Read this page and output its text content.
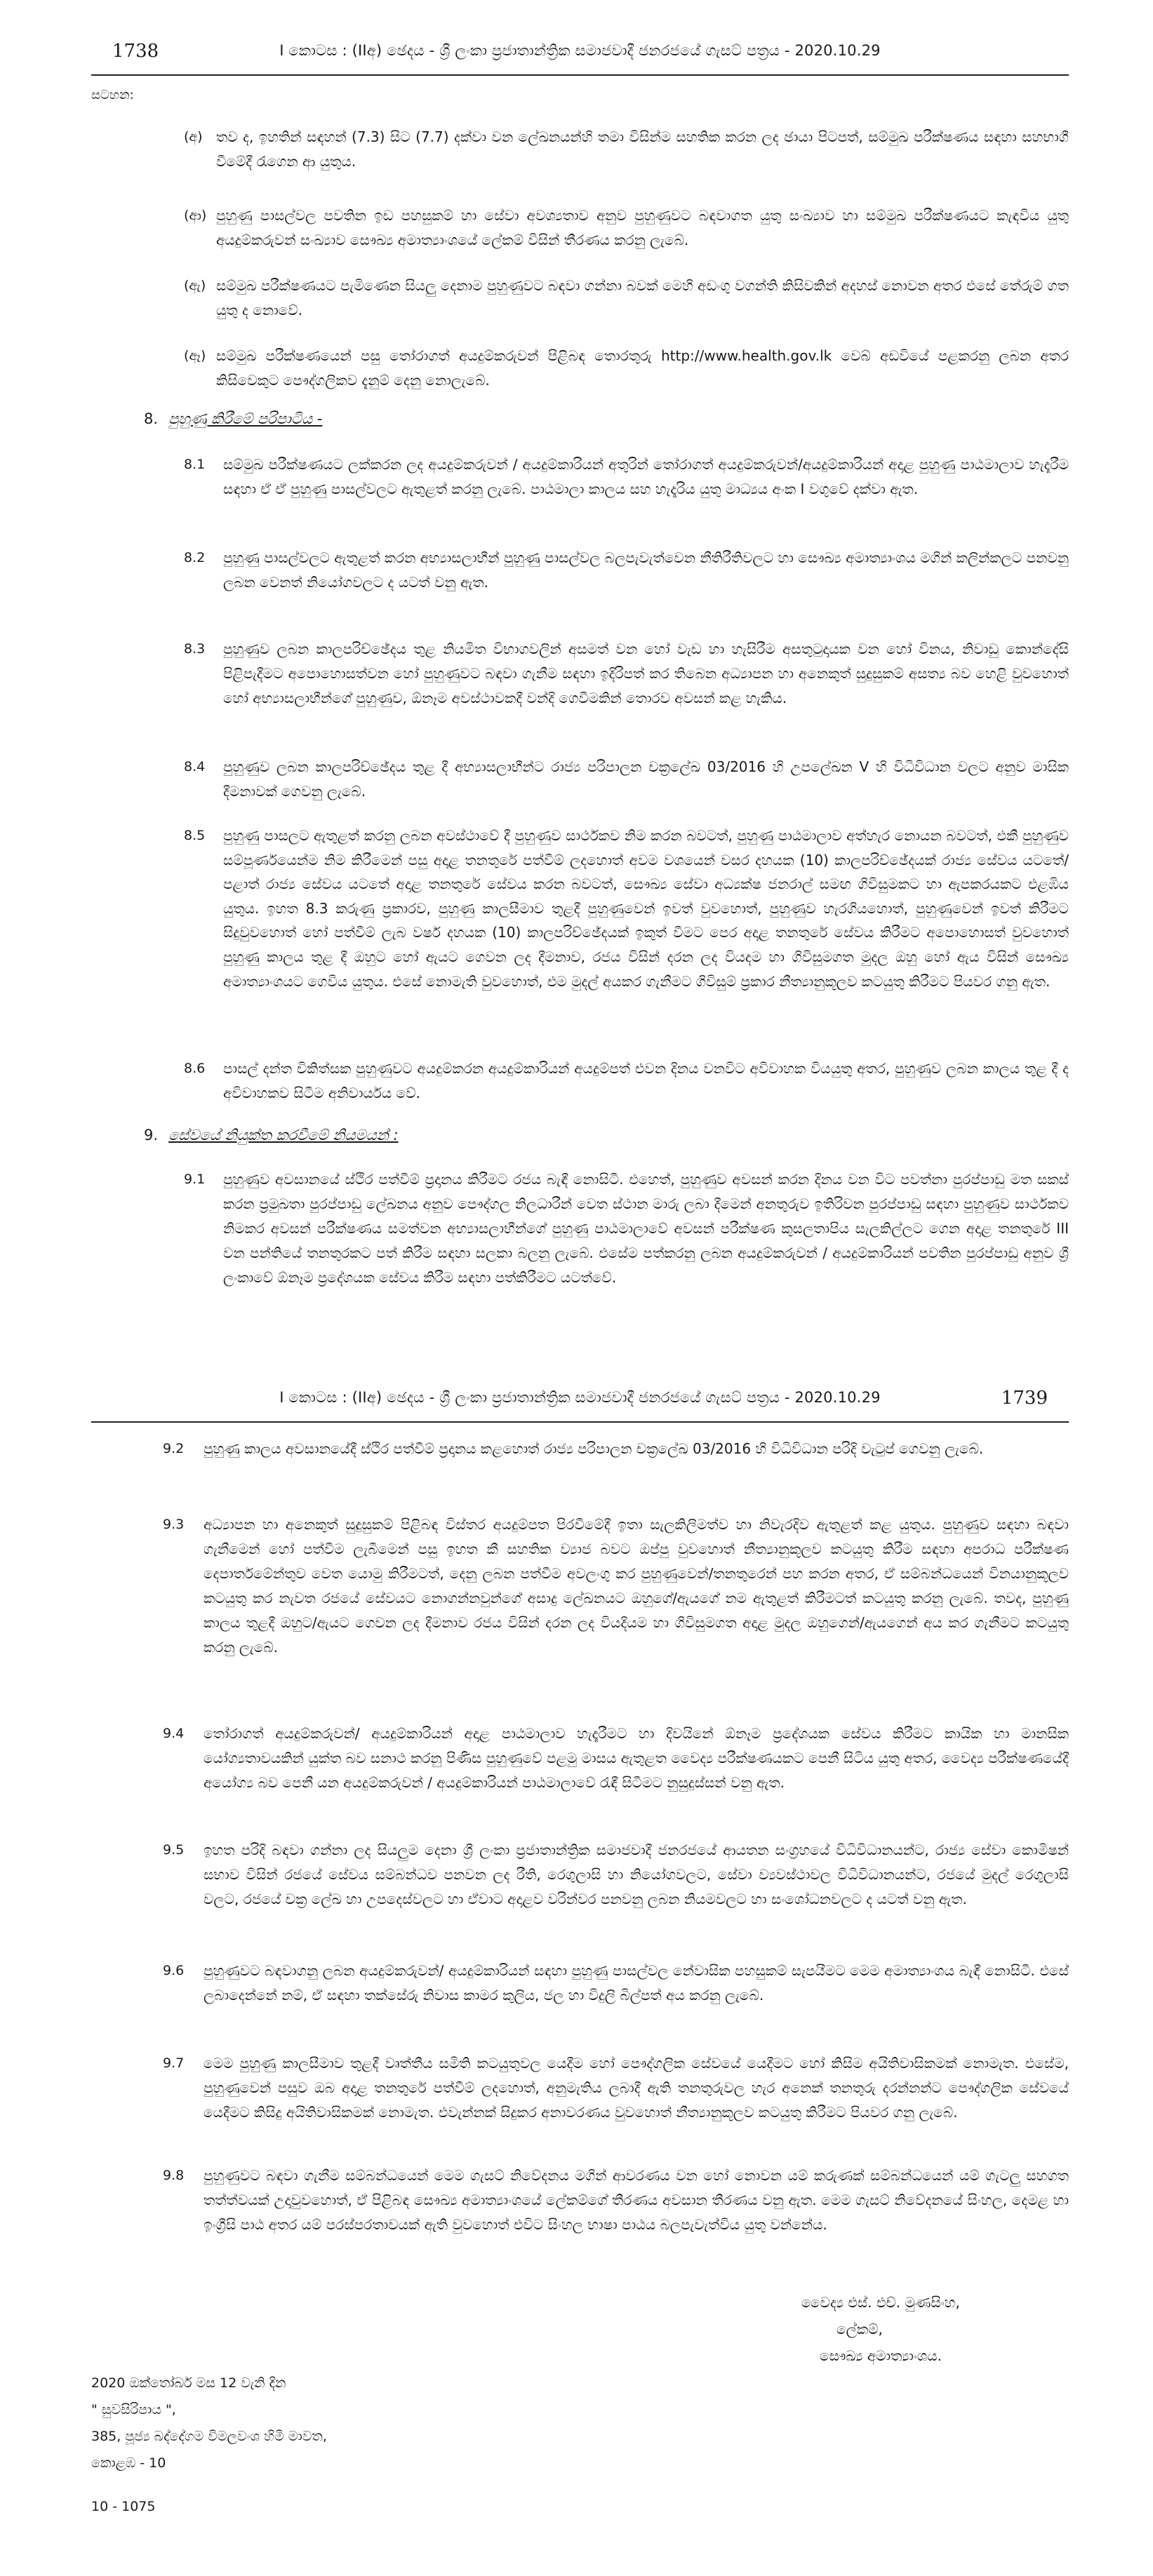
1738	I කොටස : (IIඅ) ඡෙදය - ශ්‍රී ලංකා ප්‍රජාතාන්ත්‍රික සමාජවාදී ජනරජයේ ගැසට් පත්‍රය - 2020.10.29
සටහන:
(අ) තව ද, ඉහතින් සඳහන් (7.3) සිට (7.7) දක්වා වන ලේඛනයන්හි තමා විසින්ම සහතික කරන ලද ඡායා පිටපත්, සම්මුඛ පරීක්ෂණය සඳහා සහභාගී වීමේදී රැගෙන ආ යුතුය.
(ආ) පුහුණු පාසල්වල පවතින ඉඩ පහසුකම් හා සේවා අවශ්‍යතාව අනුව පුහුණුවට බඳවාගත යුතු සංඛ්‍යාව හා සම්මුඛ පරීක්ෂණයට කැඳවිය යුතු අයදුම්කරුවන් සංඛ්‍යාව සෞඛ්‍ය අමාත්‍යාංශයේ ලේකම් විසින් තීරණය කරනු ලැබේ.
(ඇ) සම්මුඛ පරීක්ෂණයට පැමිණෙන සියලු දෙනාම පුහුණුවට බඳවා ගන්නා බවක් මෙහි අඩංගු වගන්ති කිසිවකින් අදහස් නොවන අතර එසේ තේරුම් ගත යුතු ද නොවේ.
(ඈ) සම්මුඛ පරීක්ෂණයෙන් පසු තෝරාගත් අයදුම්කරුවන් පිළිබඳ තොරතුරු http://www.health.gov.lk වෙබ් අඩවියේ පළකරනු ලබන අතර කිසිවෙකුට පෞද්ගලිකව දැනුම් දෙනු නොලැබේ.
8. පුහුණු කිරීමේ පරිපාටිය -
8.1 සම්මුඛ පරීක්ෂණයට ලක්කරන ලද අයදුම්කරුවන් / අයදුම්කාරියන් අතුරින් තෝරාගත් අයදුම්කරුවන්/අයදුම්කාරියන් අදාළ පුහුණු පාඨමාලාව හැදෑරීම සඳහා ඒ ඒ පුහුණු පාසල්වලට ඇතුළත් කරනු ලැබේ. පාඨමාලා කාලය සහ හැදෑරිය යුතු මාධ්‍යය අංක I වගුවේ දක්වා ඇත.
8.2 පුහුණු පාසල්වලට ඇතුළත් කරන අභ්‍යාසලාභීන් පුහුණු පාසල්වල බලපැවැත්වෙන නීතිරීතිවලට හා සෞඛ්‍ය අමාත්‍යාංශය මගින් කලින්කලට පනවනු ලබන වෙනත් නියෝගවලට ද යටත් වනු ඇත.
8.3 පුහුණුව ලබන කාලපරිච්ඡේදය තුළ නියමිත විභාගවලින් අසමත් වන හෝ වැඩ හා හැසිරීම අසතුටුදායක වන හෝ විනය, නිවාඩු කොන්දේසි පිළිපැදීමට අපොහොසත්වන හෝ පුහුණුවට බඳවා ගැනීම සඳහා ඉදිරිපත් කර තිබෙන අධ්‍යාපන හා අනෙකුත් සුදුසුකම් අසත්‍ය බව හෙළි වුවහොත් හෝ අභ්‍යාසලාභීන්ගේ පුහුණුව, ඕනෑම අවස්ථාවකදී වන්දි ගෙවීමකින් තොරව අවසන් කළ හැකිය.
8.4 පුහුණුව ලබන කාලපරිච්ඡේදය තුළ දී අභ්‍යාසලාභීන්ට රාජ්‍ය පරිපාලන චක්‍රලේඛ 03/2016 හි උපලේඛන V හි විධිවිධාන වලට අනුව මාසික දීමනාවක් ගෙවනු ලැබේ.
8.5 පුහුණු පාසලට ඇතුළත් කරනු ලබන අවස්ථාවේ දී පුහුණුව සාර්ථකව නිම කරන බවටත්, පුහුණු පාඨමාලාව අත්හැර නොයන බවටත්, එකී පුහුණුව සම්පූර්ණයෙන්ම නිම කිරීමෙන් පසු අදාළ තනතුරේ පත්වීම් ලදහොත් අවම වශයෙන් වසර දහයක (10) කාලපරිච්ඡේදයක් රාජ්‍ය සේවය යටතේ/පළාත් රාජ්‍ය සේවය යටතේ අදාළ තනතුරේ සේවය කරන බවටත්, සෞඛ්‍ය සේවා අධ්‍යක්ෂ ජනරාල් සමඟ ගිවිසුමකට හා ඇපකරයකට එළඹිය යුතුය. ඉහත 8.3 කරුණු ප්‍රකාරව, පුහුණු කාලසීමාව තුළදී පුහුණුවෙන් ඉවත් වුවහොත්, පුහුණුව හැරගියහොත්, පුහුණුවෙන් ඉවත් කිරීමට සිදුවුවහොත් හෝ පත්වීම් ලැබ වර්ෂ දහයක (10) කාලපරිච්ඡේදයක් ඉකුත් වීමට පෙර අදාළ තනතුරේ සේවය කිරීමට අපොහොසත් වුවහොත් පුහුණු කාලය තුළ දී ඔහුට හෝ ඇයට ගෙවන ලද දීමනාව, රජය විසින් දරන ලද වියදම හා ගිවිසුමගත මුදල ඔහු හෝ ඇය විසින් සෞඛ්‍ය අමාත්‍යාංශයට ගෙවිය යුතුය. එසේ නොමැති වුවහොත්, එම මුදල් අයකර ගැනීමට ගිවිසුම් ප්‍රකාර නීත්‍යානුකූලව කටයුතු කිරීමට පියවර ගනු ඇත.
8.6 පාසල් දන්ත චිකිත්සක පුහුණුවට අයදුම්කරන අයදුම්කාරියන් අයදුම්පත් එවන දිනය වනවිට අවිවාහක වියයුතු අතර, පුහුණුව ලබන කාලය තුළ දී ද අවිවාහකව සිටීම අනිවාර්යය වේ.
9. සේවයේ නියුක්ත කරවීමේ නියමයන් :
9.1 පුහුණුව අවසානයේ ස්ථිර පත්වීම් ප්‍රදානය කිරීමට රජය බැඳී නොසිටී. එහෙත්, පුහුණුව අවසන් කරන දිනය වන විට පවත්නා පුරප්පාඩු මත සකස් කරන ප්‍රමුඛතා පුරප්පාඩු ලේඛනය අනුව පෞද්ගල නිලධාරීන් වෙත ස්ථාන මාරු ලබා දීමෙන් අනතුරුව ඉතිරිවන පුරප්පාඩු සඳහා පුහුණුව සාර්ථකව නිමකර අවසන් පරීක්ෂණය සමත්වන අභ්‍යාසලාභීන්ගේ පුහුණු පාඨමාලාවේ අවසන් පරීක්ෂණ කුසලතාපිය සැලකිල්ලට ගෙන අදාළ තනතුරේ III වන පන්තියේ තනතුරකට පත් කිරීම සඳහා සලකා බලනු ලැබේ. එසේම පත්කරනු ලබන අයදුම්කරුවන් / අයදුම්කාරියන් පවතින පුරප්පාඩු අනුව ශ්‍රී ලංකාවේ ඕනෑම ප්‍රදේශයක සේවය කිරීම සඳහා පත්කිරීමට යටත්වේ.
I කොටස : (IIඅ) ඡෙදය - ශ්‍රී ලංකා ප්‍රජාතාන්ත්‍රික සමාජවාදී ජනරජයේ ගැසට් පත්‍රය - 2020.10.29	1739
9.2 පුහුණු කාලය අවසානයේදී ස්ථිර පත්වීම් ප්‍රදානය කළහොත් රාජ්‍ය පරිපාලන චක්‍රලේඛ 03/2016 හි විධිවිධාන පරිදි වැටුප් ගෙවනු ලැබේ.
9.3 අධ්‍යාපන හා අනෙකුත් සුදුසුකම් පිළිබඳ විස්තර අයදුම්පත පිරවීමේදී ඉතා සැලකිලිමත්ව හා නිවැරදිව ඇතුළත් කළ යුතුය. පුහුණුව සඳහා බඳවා ගැනීමෙන් හෝ පත්වීම ලැබීමෙන් පසු ඉහත කී සහතික ව්‍යාජ බවට ඔප්පු වුවහොත් නීත්‍යානුකූලව කටයුතු කිරීම සඳහා අපරාධ පරීක්ෂණ දෙපාර්තමේන්තුව වෙත යොමු කිරීමටත්, දෙනු ලබන පත්වීම අවලංගු කර පුහුණුවෙන්/තනතුරෙන් පහ කරන අතර, ඒ සම්බන්ධයෙන් විනයානුකූලව කටයුතු කර නැවත රජයේ සේවයට නොගන්නවුන්ගේ අසාදු ලේඛනයට ඔහුගේ/ඇයගේ නම ඇතුළත් කිරීමටත් කටයුතු කරනු ලැබේ. තවද, පුහුණු කාලය තුළදී ඔහුට/ඇයට ගෙවන ලද දීමනාව රජය විසින් දරන ලද වියදියම හා ගිවිසුමගත අදාළ මුදල ඔහුගෙන්/ඇයගෙන් අය කර ගැනීමට කටයුතු කරනු ලැබේ.
9.4 තෝරාගත් අයදුම්කරුවන්/ අයදුම්කාරියන් අදාළ පාඨමාලාව හැදෑරීමට හා දිවයිනේ ඕනෑම ප්‍රදේශයක සේවය කිරීමට කායික හා මානසික යෝග්‍යතාවයකින් යුක්ත බව සනාථ කරනු පිණිස පුහුණුවේ පළමු මාසය ඇතුළත වෛද්‍ය පරීක්ෂණයකට පෙනී සිටිය යුතු අතර, වෛද්‍ය පරීක්ෂණයේදී අයෝග්‍ය බව පෙනී යන අයදුම්කරුවන් / අයදුම්කාරියන් පාඨමාලාවේ රැඳී සිටීමට නුසුදුස්සන් වනු ඇත.
9.5 ඉහත පරිදි බඳවා ගන්නා ලද සියලුම දෙනා ශ්‍රී ලංකා ප්‍රජාතාන්ත්‍රික සමාජවාදී ජනරජයේ ආයතන සංග්‍රහයේ විධිවිධානයන්ට, රාජ්‍ය සේවා කොමිෂන් සභාව විසින් රජයේ සේවය සම්බන්ධව පනවන ලද රීති, රෙගුලාසි හා නියෝගවලට, සේවා ව්‍යවස්ථාවල විධිවිධානයන්ට, රජයේ මුදල් රෙගුලාසි වලට, රජයේ චක්‍ර ලේඛ හා උපදෙස්වලට හා ඒවාට අදාළව වරින්වර පනවනු ලබන නියමවලට හා සංශෝධනවලට ද යටත් වනු ඇත.
9.6 පුහුණුවට බඳවාගනු ලබන අයදුම්කරුවන්/ අයදුම්කාරියන් සඳහා පුහුණු පාසල්වල නේවාසික පහසුකම් සැපයීමට මෙම අමාත්‍යාංශය බැඳී නොසිටී. එසේ ලබාදෙන්නේ නම්, ඒ සඳහා තක්සේරු නිවාස කාමර කුලිය, ජල හා විදුලි බිල්පත් අය කරනු ලැබේ.
9.7 මෙම පුහුණු කාලසීමාව තුළදී වෘත්තීය සමිති කටයුතුවල යෙදීම හෝ පෞද්ගලික සේවයේ යෙදීමට හෝ කිසිම අයිතිවාසිකමක් නොමැත. එසේම, පුහුණුවෙන් පසුව ඔබ අදාළ තනතුරේ පත්වීම් ලදහොත්, අනුමැතිය ලබාදී ඇති තනතුරුවල හැර අනෙක් තනතුරු දරන්නන්ට පෞද්ගලික සේවයේ යෙදීමට කිසිදු අයිතිවාසිකමක් නොමැත. එවැන්නක් සිදුකර අනාවරණය වුවහොත් නීත්‍යානුකූලව කටයුතු කිරීමට පියවර ගනු ලැබේ.
9.8 පුහුණුවට බඳවා ගැනීම සම්බන්ධයෙන් මෙම ගැසට් නිවේදනය මගින් ආවරණය වන හෝ නොවන යම් කරුණක් සම්බන්ධයෙන් යම් ගැටලු සහගත තත්ත්වයක් උදාවුවහොත්, ඒ පිළිබඳ සෞඛ්‍ය අමාත්‍යාංශයේ ලේකම්ගේ තීරණය අවසාන තීරණය වනු ඇත. මෙම ගැසට් නිවේදනයේ සිංහල, දෙමළ හා ඉංග්‍රීසි පාඨ අතර යම් පරස්පරතාවයක් ඇති වුවහොත් එවිට සිංහල භාෂා පාඨය බලපැවැත්විය යුතු වන්නේය.
වෛද්‍ය එස්. එච්. මුණසිංහ,
ලේකම්,
සෞඛ්‍ය අමාත්‍යාංශය.
2020 ඔක්තෝබර් මස 12 වැනි දින
" සුවසිරිපාය ",
385, පූජ්‍ය බද්දේගම විමලවංශ හිමි මාවත,
කොළඹ - 10
10 - 1075
